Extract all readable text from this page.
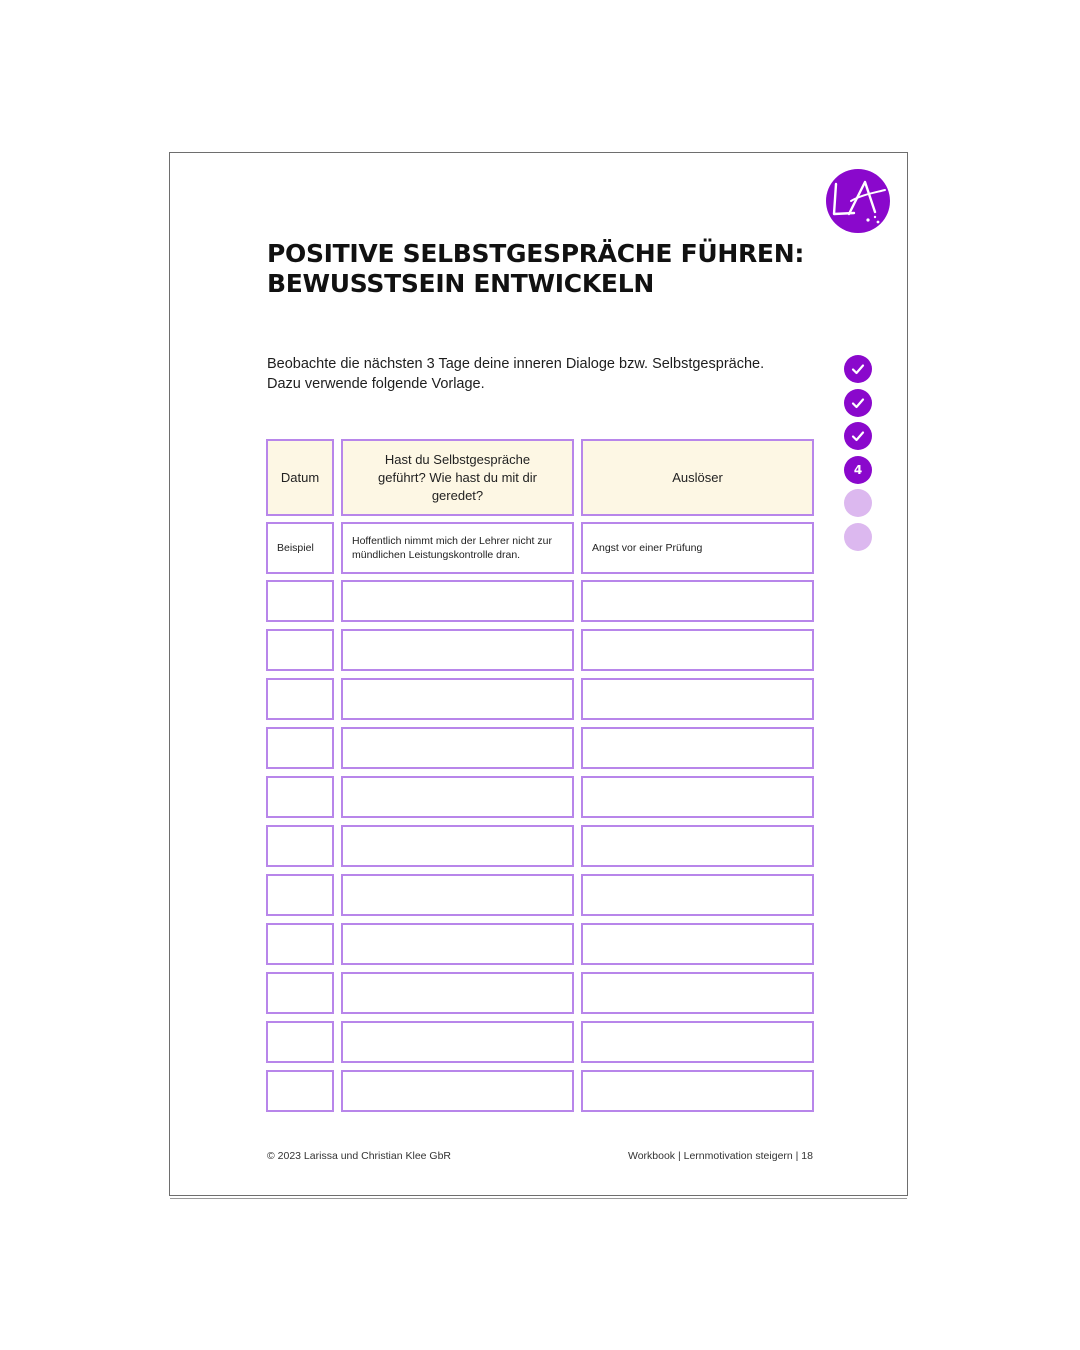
POSITIVE SELBSTGESPRÄCHE FÜHREN:
BEWUSSTSEIN ENTWICKELN

Beobachte die nächsten 3 Tage deine inneren Dialoge bzw. Selbstgespräche.
Dazu verwende folgende Vorlage.

4
Datum
Hast du Selbstgespräche geführt? Wie hast du mit dir geredet?
Auslöser
Beispiel
Hoffentlich nimmt mich der Lehrer nicht zur mündlichen Leistungskontrolle dran.
Angst vor einer Prüfung
© 2023 Larissa und Christian Klee GbR	Workbook | Lernmotivation steigern | 18
